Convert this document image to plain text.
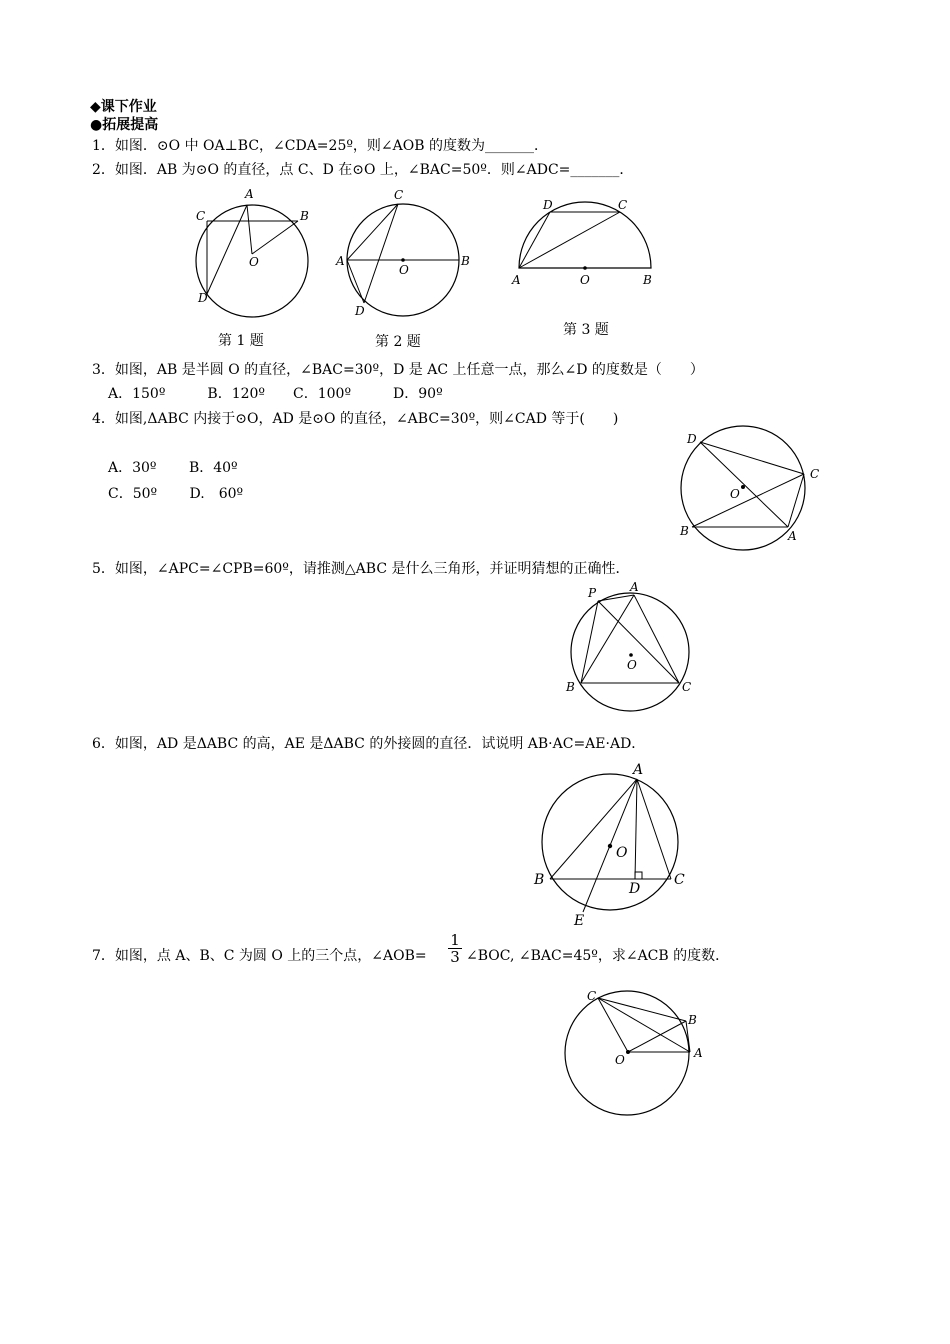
◆课下作业
●拓展提高
1．如图．⊙O 中 OA⊥BC，∠CDA=25º，则∠AOB 的度数为_______．
2．如图．AB 为⊙O 的直径，点 C、D 在⊙O 上，∠BAC=50º．则∠ADC=_______．
A
B
C
D
O
第 1 题
A	B
C
D
O
第 2 题
A	B
C
D
O
第 3 题
3．如图，AB 是半圆 O 的直径，∠BAC=30º，D 是 AC 上任意一点，那么∠D 的度数是（　　）
A．150º　　　B．120º　　C．100º　　　D．90º
4．如图,ΔABC 内接于⊙O，AD 是⊙O 的直径，∠ABC=30º，则∠CAD 等于(　　)
A．30º　　 B．40º
C．50º　　 D.　60º
D
C
B	A
O
5．如图，∠APC=∠CPB=60º，请推测△ABC 是什么三角形，并证明猜想的正确性．
P	A
B	C
O
6．如图，AD 是ΔABC 的高，AE 是ΔABC 的外接圆的直径．试说明 AB·AC=AE·AD．
A
B	C
D
E
O
7．如图，点 A、B、C 为圆 O 上的三个点，∠AOB= $\frac{1}{3}$ ∠BOC, ∠BAC=45º，求∠ACB 的度数．
C
B
A
O
